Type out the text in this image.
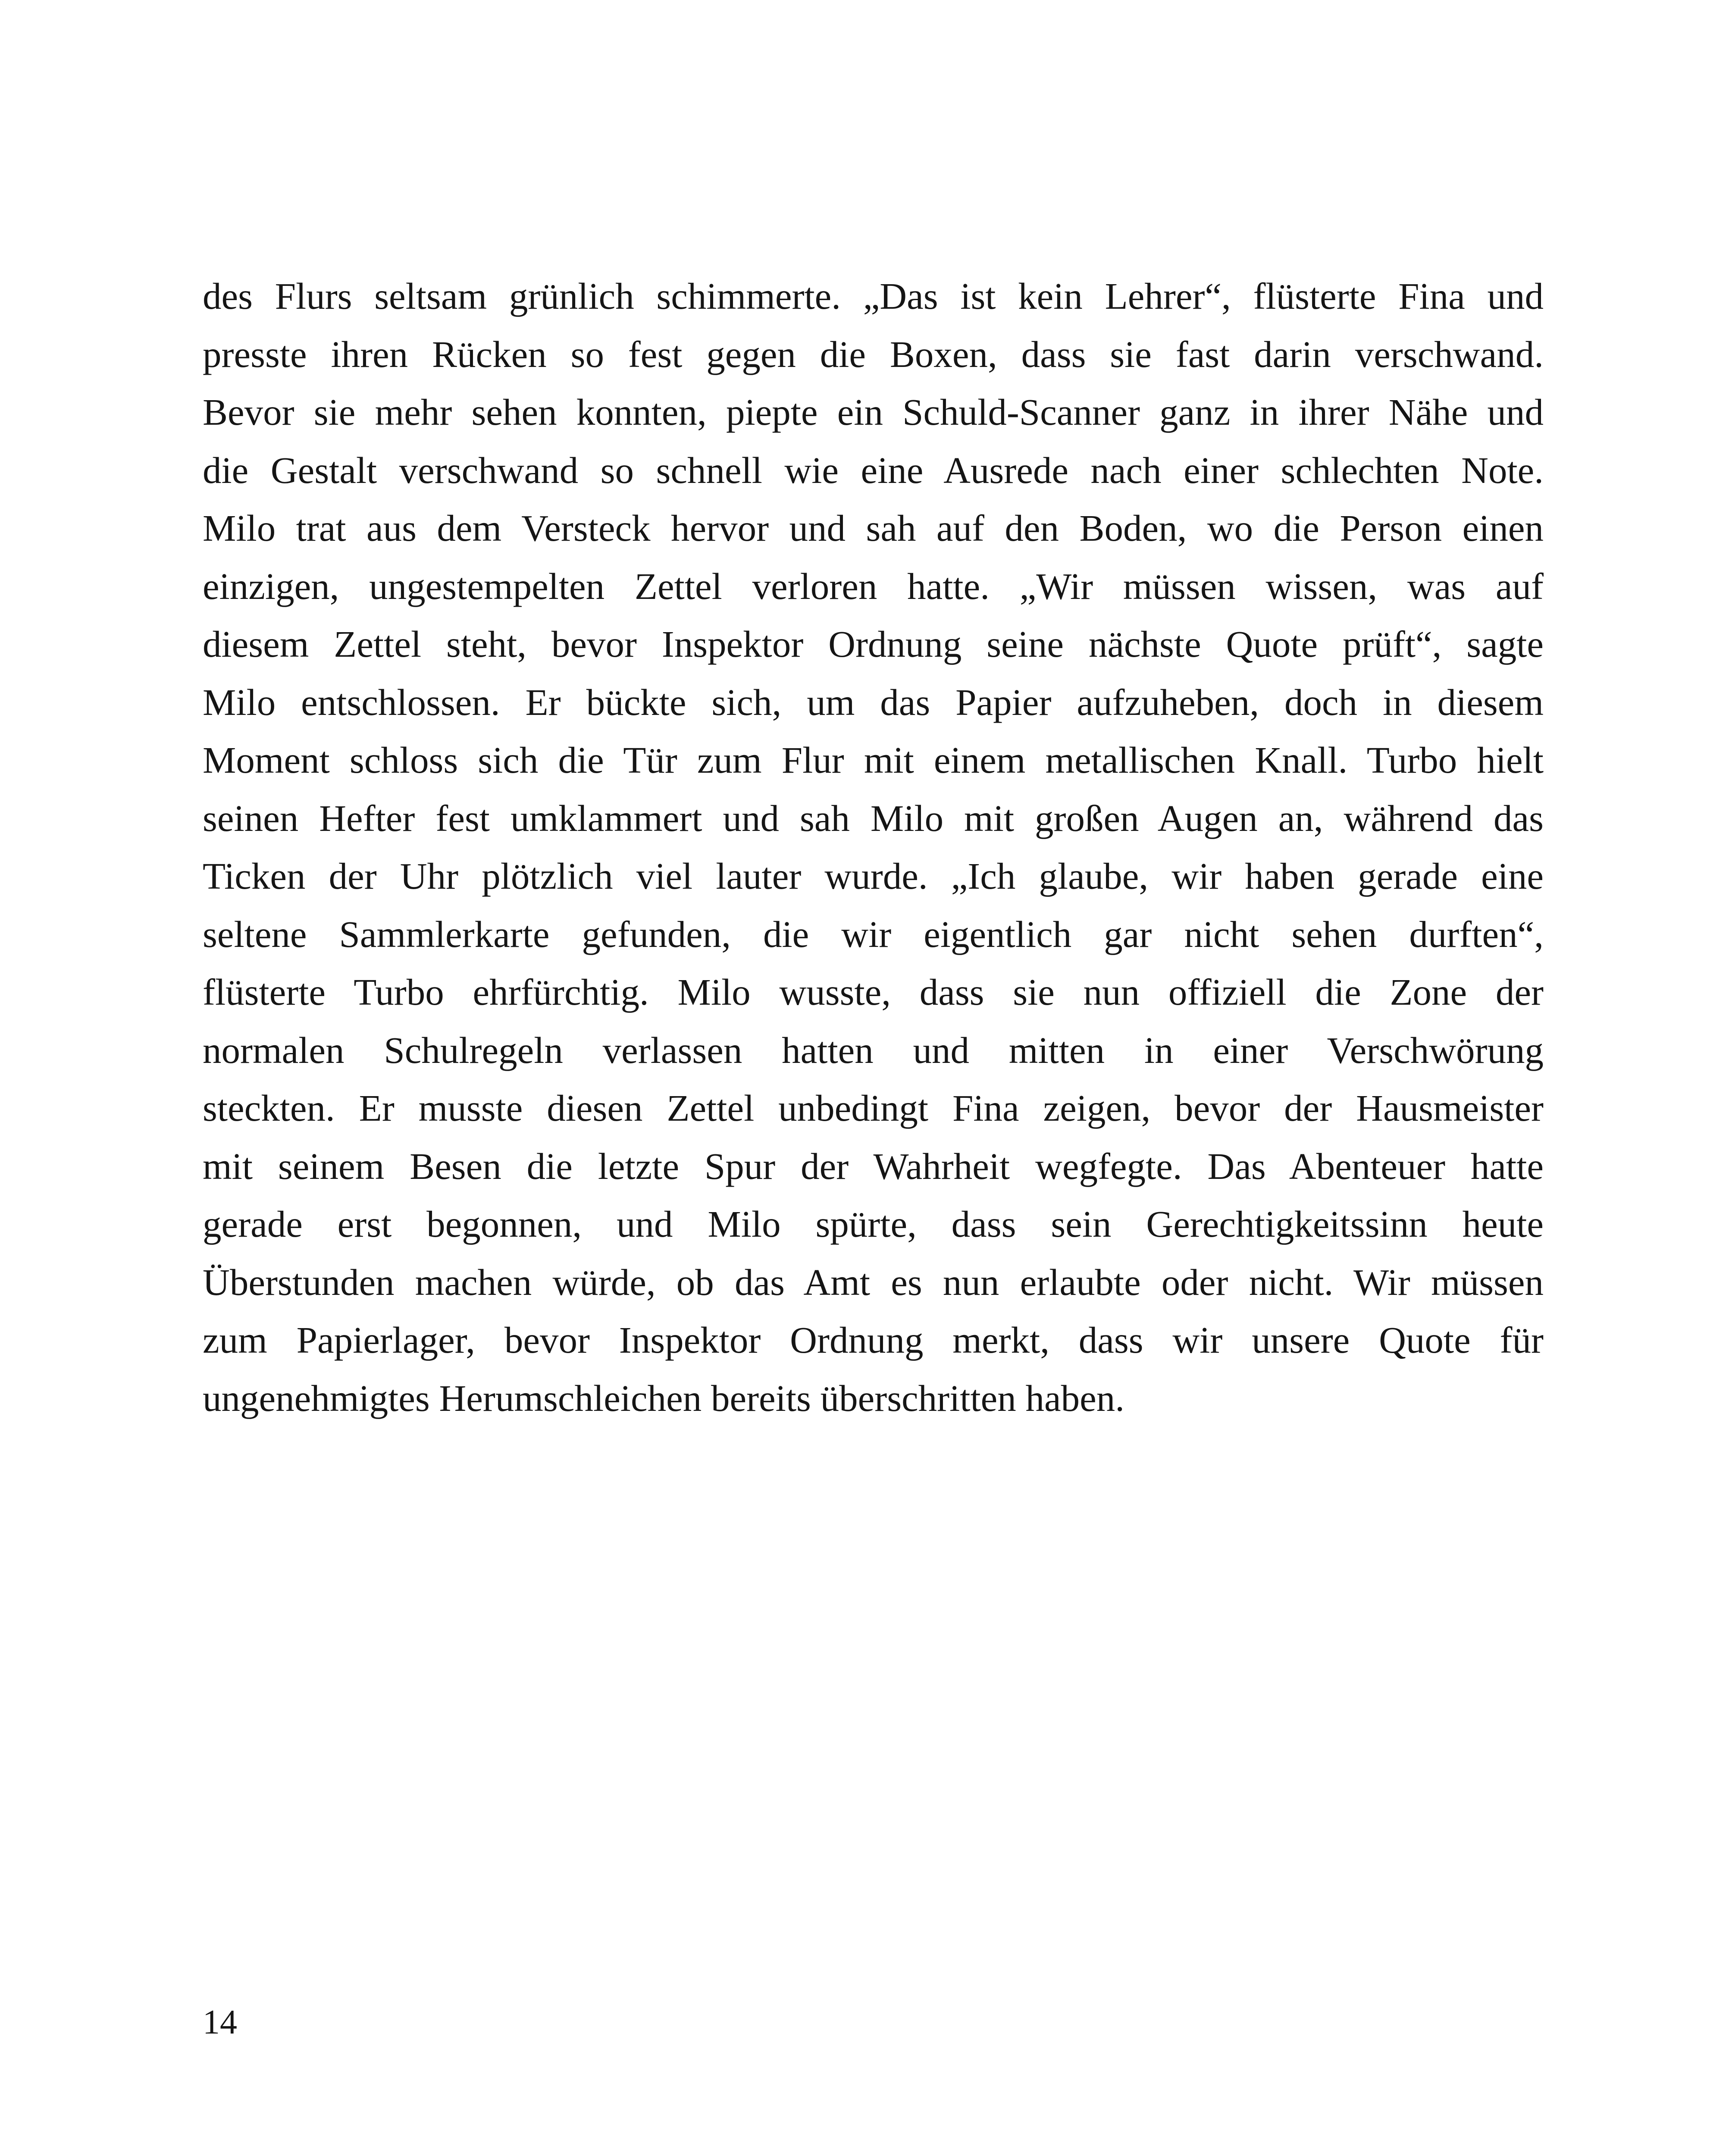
des Flurs seltsam grünlich schimmerte. „Das ist kein Lehrer“, flüsterte Fina und
presste ihren Rücken so fest gegen die Boxen, dass sie fast darin verschwand.
Bevor sie mehr sehen konnten, piepte ein Schuld-Scanner ganz in ihrer Nähe und
die Gestalt verschwand so schnell wie eine Ausrede nach einer schlechten Note.
Milo trat aus dem Versteck hervor und sah auf den Boden, wo die Person einen
einzigen, ungestempelten Zettel verloren hatte. „Wir müssen wissen, was auf
diesem Zettel steht, bevor Inspektor Ordnung seine nächste Quote prüft“, sagte
Milo entschlossen. Er bückte sich, um das Papier aufzuheben, doch in diesem
Moment schloss sich die Tür zum Flur mit einem metallischen Knall. Turbo hielt
seinen Hefter fest umklammert und sah Milo mit großen Augen an, während das
Ticken der Uhr plötzlich viel lauter wurde. „Ich glaube, wir haben gerade eine
seltene Sammlerkarte gefunden, die wir eigentlich gar nicht sehen durften“,
flüsterte Turbo ehrfürchtig. Milo wusste, dass sie nun offiziell die Zone der
normalen Schulregeln verlassen hatten und mitten in einer Verschwörung
steckten. Er musste diesen Zettel unbedingt Fina zeigen, bevor der Hausmeister
mit seinem Besen die letzte Spur der Wahrheit wegfegte. Das Abenteuer hatte
gerade erst begonnen, und Milo spürte, dass sein Gerechtigkeitssinn heute
Überstunden machen würde, ob das Amt es nun erlaubte oder nicht. Wir müssen
zum Papierlager, bevor Inspektor Ordnung merkt, dass wir unsere Quote für
ungenehmigtes Herumschleichen bereits überschritten haben.

14
